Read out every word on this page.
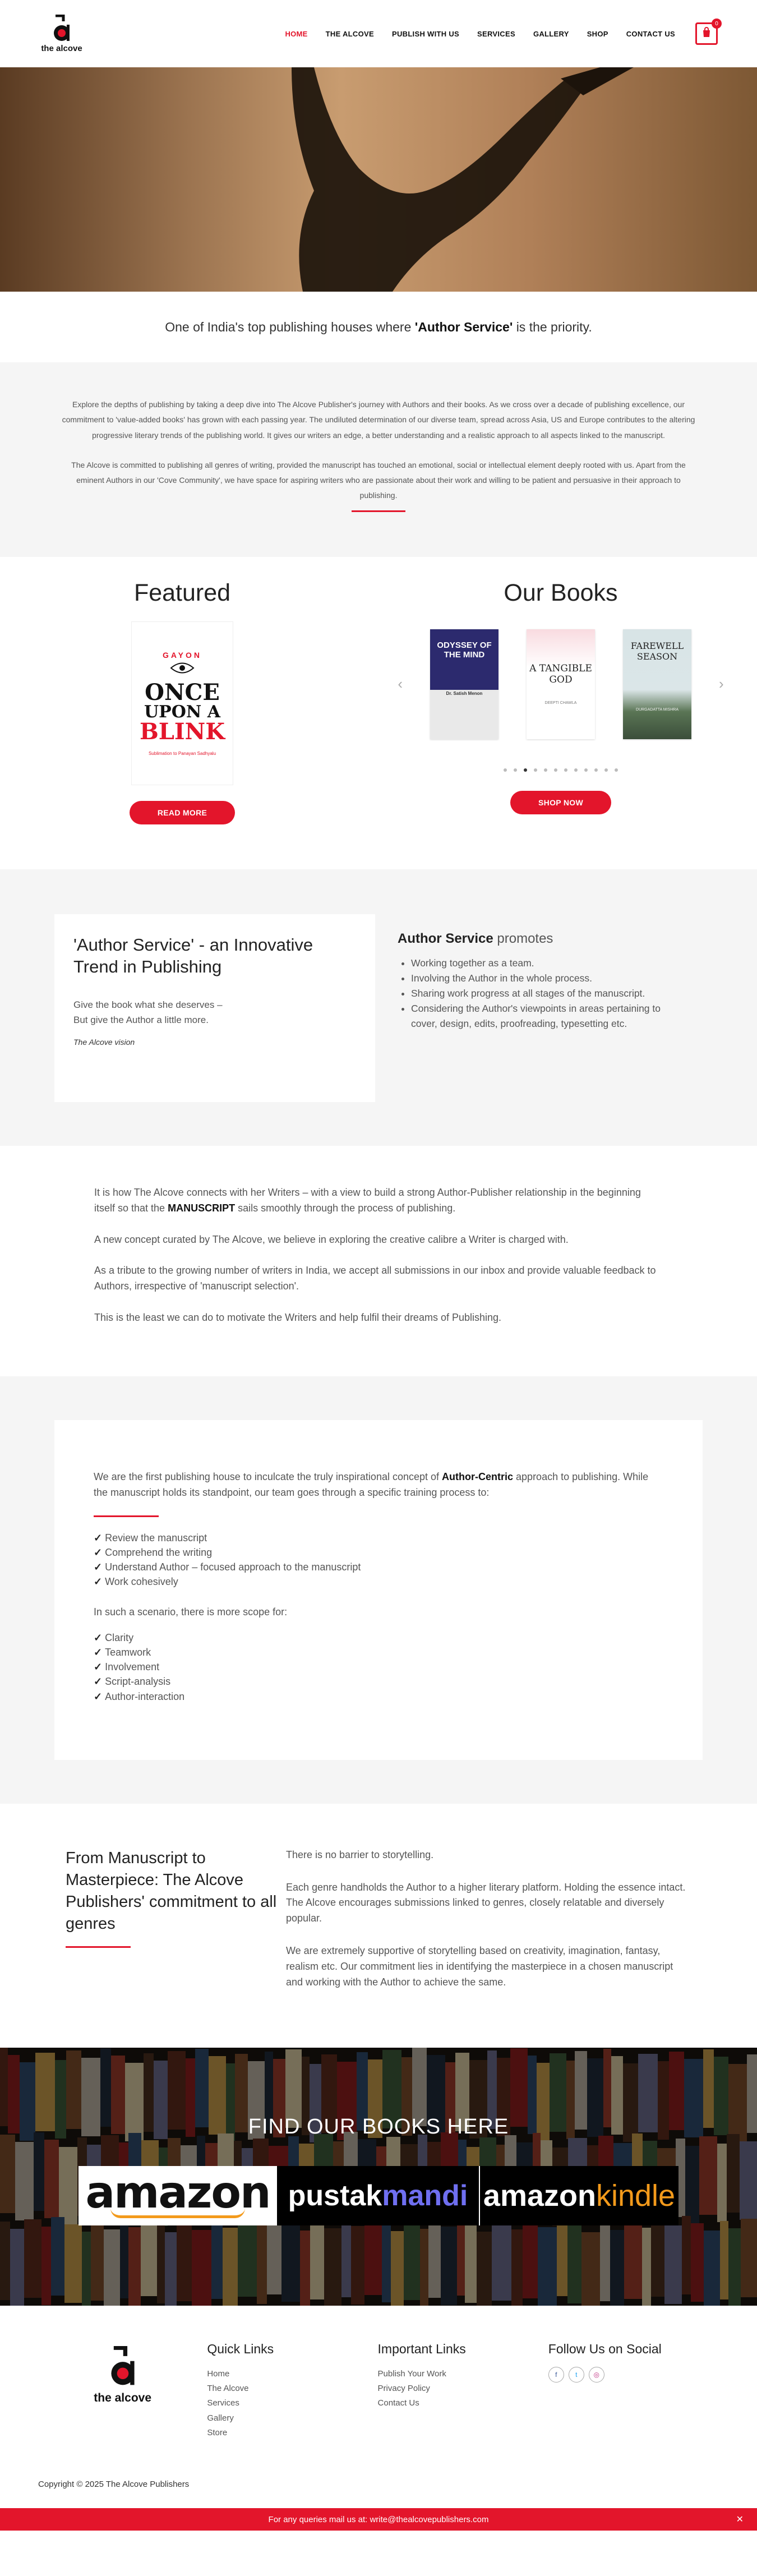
the alcove
HOME THE ALCOVE PUBLISH WITH US SERVICES GALLERY SHOP CONTACT US
0
One of India's top publishing houses where
'Author Service'
is the priority.

Explore the depths of publishing by taking a deep dive into The Alcove Publisher's journey with Authors and their books. As we cross over a decade of publishing excellence, our commitment to 'value-added books' has grown with each passing year. The undiluted determination of our diverse team, spread across Asia, US and Europe contributes to the altering progressive literary trends of the publishing world. It gives our writers an edge, a better understanding and a realistic approach to all aspects linked to the manuscript.

The Alcove is committed to publishing all genres of writing, provided the manuscript has touched an emotional, social or intellectual element deeply rooted with us. Apart from the eminent Authors in our 'Cove Community', we have space for aspiring writers who are passionate about their work and willing to be patient and persuasive in their approach to publishing.

Featured
GAYON
ONCE
UPON A
BLINK
Sublimation to Panayan Sadhyalu
READ MORE
Our Books
‹
ODYSSEY OF THE MIND
Dr. Satish Menon
A TANGIBLE GOD
DEEPTI CHAWLA
FAREWELL SEASON
DURGADATTA MISHRA
›
SHOP NOW
'Author Service' - an Innovative Trend in Publishing

Give the book what she deserves –

But give the Author a little more.

The Alcove vision
Author Service promotes
• Working together as a team.
• Involving the Author in the whole process.
• Sharing work progress at all stages of the manuscript.
• Considering the Author's viewpoints in areas pertaining to cover, design, edits, proofreading, typesetting etc.

It is how The Alcove connects with her Writers – with a view to build a strong Author-Publisher relationship in the beginning itself so that the MANUSCRIPT sails smoothly through the process of publishing.

A new concept curated by The Alcove, we believe in exploring the creative calibre a Writer is charged with.

As a tribute to the growing number of writers in India, we accept all submissions in our inbox and provide valuable feedback to Authors, irrespective of 'manuscript selection'.

This is the least we can do to motivate the Writers and help fulfil their dreams of Publishing.

We are the first publishing house to inculcate the truly inspirational concept of Author-Centric approach to publishing. While the manuscript holds its standpoint, our team goes through a specific training process to:

✓ Review the manuscript
✓ Comprehend the writing
✓ Understand Author – focused approach to the manuscript
✓ Work cohesively

In such a scenario, there is more scope for:

✓ Clarity
✓ Teamwork
✓ Involvement
✓ Script-analysis
✓ Author-interaction
From Manuscript to Masterpiece: The Alcove Publishers' commitment to all genres

There is no barrier to storytelling.

Each genre handholds the Author to a higher literary platform. Holding the essence intact. The Alcove encourages submissions linked to genres, closely relatable and diversely popular.

We are extremely supportive of storytelling based on creativity, imagination, fantasy, realism etc. Our commitment lies in identifying the masterpiece in a chosen manuscript and working with the Author to achieve the same.

FIND OUR BOOKS HERE
amazon pustak mandi amazon kindle
the alcove
Quick Links
Home
The Alcove
Services
Gallery
Store
Important Links
Publish Your Work
Privacy Policy
Contact Us
Follow Us on Social
f	t	◎
Copyright © 2025 The Alcove Publishers
For any queries mail us at: write@thealcovepublishers.com	✕
